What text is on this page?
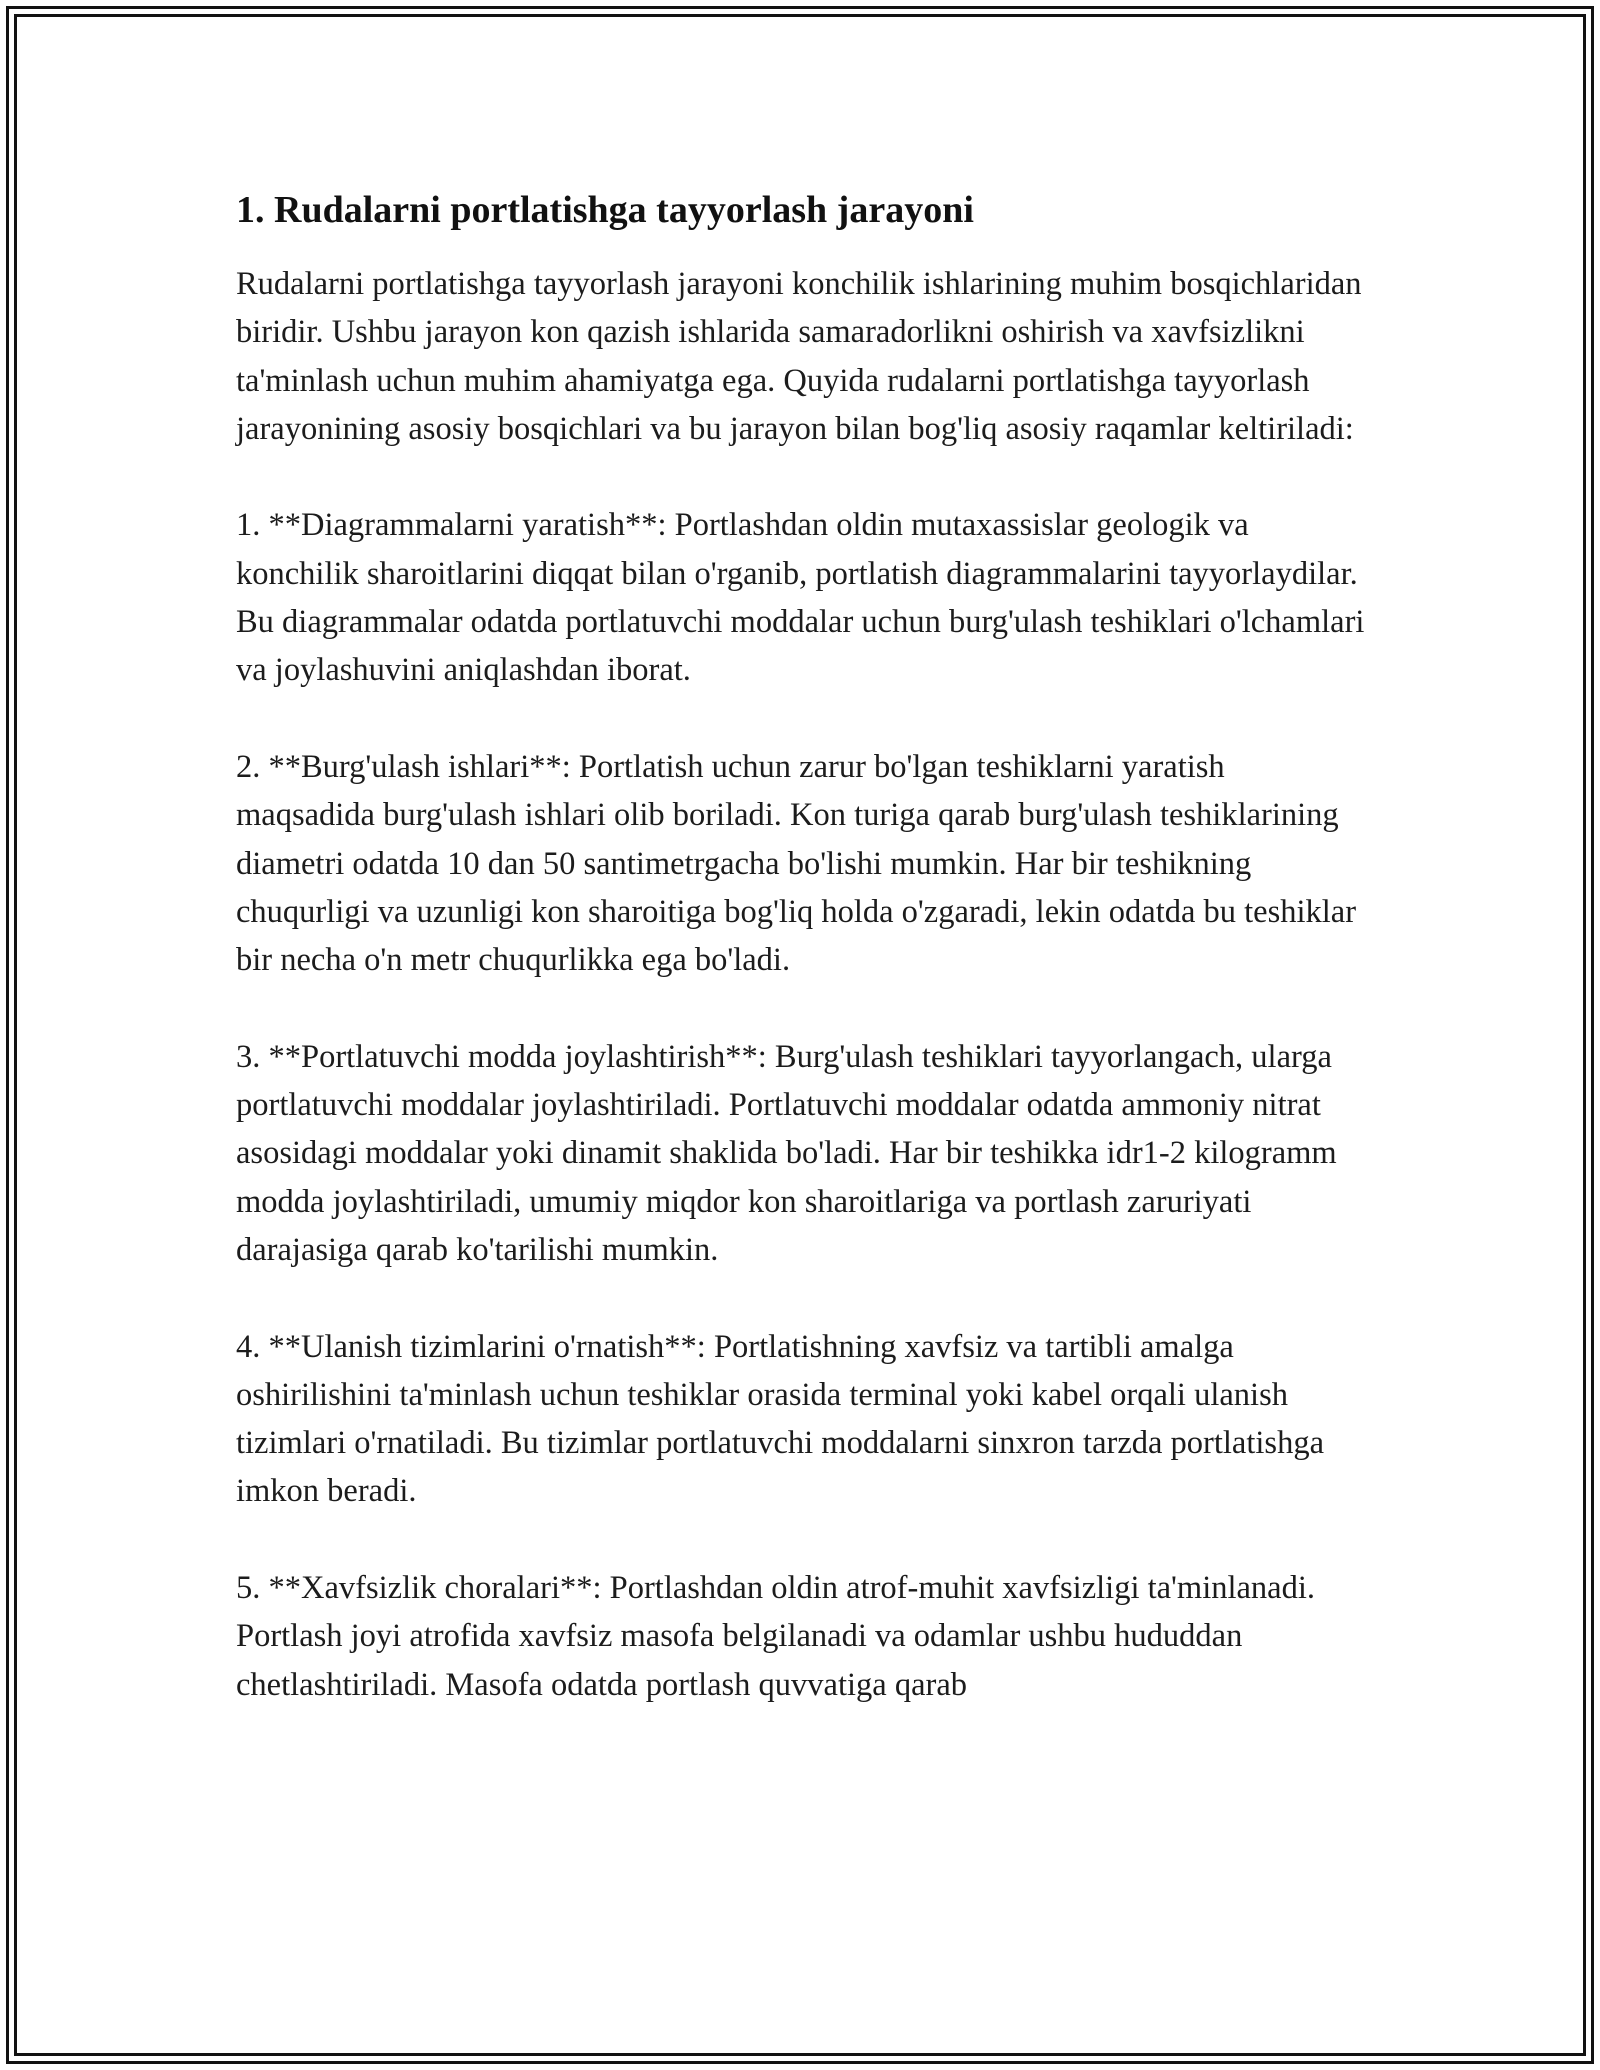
1. Rudalarni portlatishga tayyorlash jarayoni

Rudalarni portlatishga tayyorlash jarayoni konchilik ishlarining muhim bosqichlaridan biridir. Ushbu jarayon kon qazish ishlarida samaradorlikni oshirish va xavfsizlikni ta'minlash uchun muhim ahamiyatga ega. Quyida rudalarni portlatishga tayyorlash jarayonining asosiy bosqichlari va bu jarayon bilan bog'liq asosiy raqamlar keltiriladi:

1. **Diagrammalarni yaratish**: Portlashdan oldin mutaxassislar geologik va konchilik sharoitlarini diqqat bilan o'rganib, portlatish diagrammalarini tayyorlaydilar. Bu diagrammalar odatda portlatuvchi moddalar uchun burg'ulash teshiklari o'lchamlari va joylashuvini aniqlashdan iborat.

2. **Burg'ulash ishlari**: Portlatish uchun zarur bo'lgan teshiklarni yaratish maqsadida burg'ulash ishlari olib boriladi. Kon turiga qarab burg'ulash teshiklarining diametri odatda 10 dan 50 santimetrgacha bo'lishi mumkin. Har bir teshikning chuqurligi va uzunligi kon sharoitiga bog'liq holda o'zgaradi, lekin odatda bu teshiklar bir necha o'n metr chuqurlikka ega bo'ladi.

3. **Portlatuvchi modda joylashtirish**: Burg'ulash teshiklari tayyorlangach, ularga portlatuvchi moddalar joylashtiriladi. Portlatuvchi moddalar odatda ammoniy nitrat asosidagi moddalar yoki dinamit shaklida bo'ladi. Har bir teshikka idr1-2 kilogramm modda joylashtiriladi, umumiy miqdor kon sharoitlariga va portlash zaruriyati darajasiga qarab ko'tarilishi mumkin.

4. **Ulanish tizimlarini o'rnatish**: Portlatishning xavfsiz va tartibli amalga oshirilishini ta'minlash uchun teshiklar orasida terminal yoki kabel orqali ulanish tizimlari o'rnatiladi. Bu tizimlar portlatuvchi moddalarni sinxron tarzda portlatishga imkon beradi.

5. **Xavfsizlik choralari**: Portlashdan oldin atrof-muhit xavfsizligi ta'minlanadi. Portlash joyi atrofida xavfsiz masofa belgilanadi va odamlar ushbu hududdan chetlashtiriladi. Masofa odatda portlash quvvatiga qarab
